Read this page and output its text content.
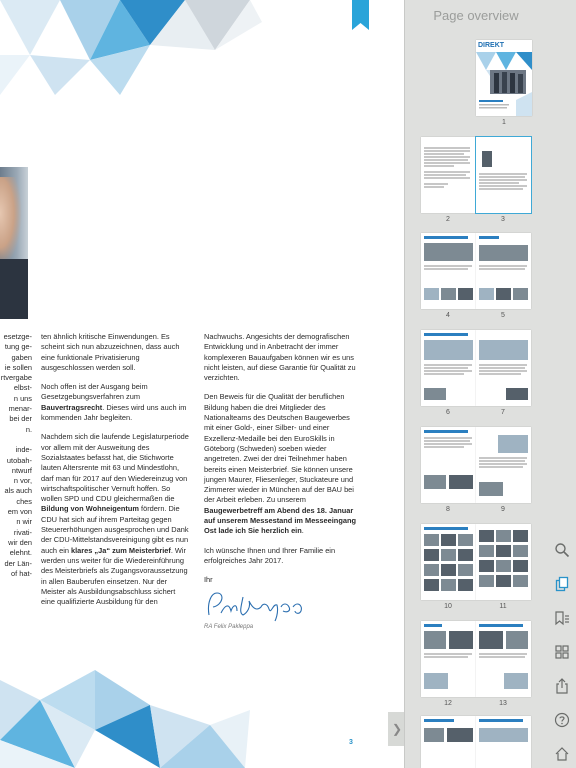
esetzge-
tung ge-
gaben
ie sollen
rtvergabe
elbst-
n uns
menar-
bei der
n.

inde-
utobah-
ntwurf
n vor,
als auch
ches
em von
n wir
rivati-
wir den
elehnt.
der Län-
of hat-

ten ähnlich kritische Einwendungen. Es scheint sich nun abzuzeichnen, dass auch eine funktionale Privatisierung ausgeschlossen werden soll.

Noch offen ist der Ausgang beim Gesetzgebungsverfahren zum Bauvertragsrecht. Dieses wird uns auch im kommenden Jahr begleiten.

Nachdem sich die laufende Legislaturperiode vor allem mit der Ausweitung des Sozialstaates befasst hat, die Stichworte lauten Altersrente mit 63 und Mindestlohn, darf man für 2017 auf den Wiedereinzug von wirtschaftspolitischer Vernuft hoffen. So wollen SPD und CDU gleichermaßen die Bildung von Wohneigentum fördern. Die CDU hat sich auf ihrem Parteitag gegen Steuererhöhungen ausgesprochen und Dank der CDU-Mittelstandsvereinigung gibt es nun auch ein klares „Ja“ zum Meisterbrief. Wir werden uns weiter für die Wiedereinführung des Meisterbriefs als Zugangsvoraussetzung in allen Bauberufen einsetzen. Nur der Meister als Ausbildungsabschluss sichert eine qualifizierte Ausbildung für den

Nachwuchs. Angesichts der demografischen Entwicklung und in Anbetracht der immer komplexeren Bauaufgaben können wir es uns nicht leisten, auf diese Garantie für Qualität zu verzichten.

Den Beweis für die Qualität der beruflichen Bildung haben die drei Mitglieder des Nationalteams des Deutschen Baugewerbes mit einer Gold-, einer Silber- und einer Exzellenz-Medaille bei den EuroSkills in Göteborg (Schweden) soeben wieder angetreten. Zwei der drei Teilnehmer haben bereits einen Meisterbrief. Sie können unsere jungen Maurer, Fliesenleger, Stuckateure und Zimmerer wieder in München auf der BAU bei der Arbeit erleben. Zu unserem Baugewerbetreff am Abend des 18. Januar auf unserem Messestand im Messeeingang Ost lade ich Sie herzlich ein.

Ich wünsche Ihnen und Ihrer Familie ein erfolgreiches Jahr 2017.

Ihr

RA Felix Pakleppa
3
❯
Page overview
DIREKT
1
2	3
4	5
6	7
8	9
10	11
12	13
